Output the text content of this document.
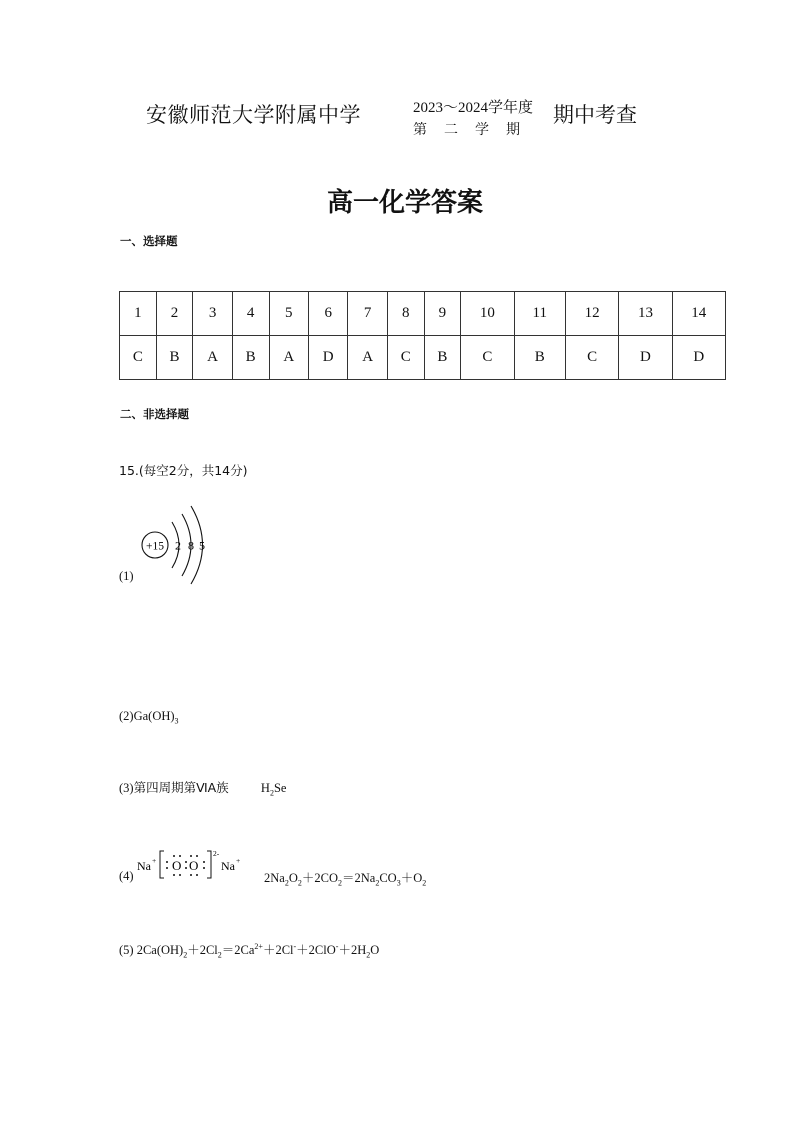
安徽师范大学附属中学	2023～2024学年度
第二学期
期中考查
高一化学答案
一、选择题
1	2	3	4	5	6	7	8	9	10	11	12	13	14
C	B	A	B	A	D	A	C	B	C	B	C	D	D
二、非选择题
15.(每空2分，共14分)
(1)
+15 2 8 5
$(2)Ga(OH)_3$
(3)第四周期第ⅥA族	$H_2Se$
(4)
Na + O O
2-
Na +
$2Na_2O_2+2CO_2=2Na_2CO_3+O_2$
(5) $2Ca(OH)_2+2Cl_2=2Ca^{2+}+2Cl^-+2ClO^-+2H_2O$
